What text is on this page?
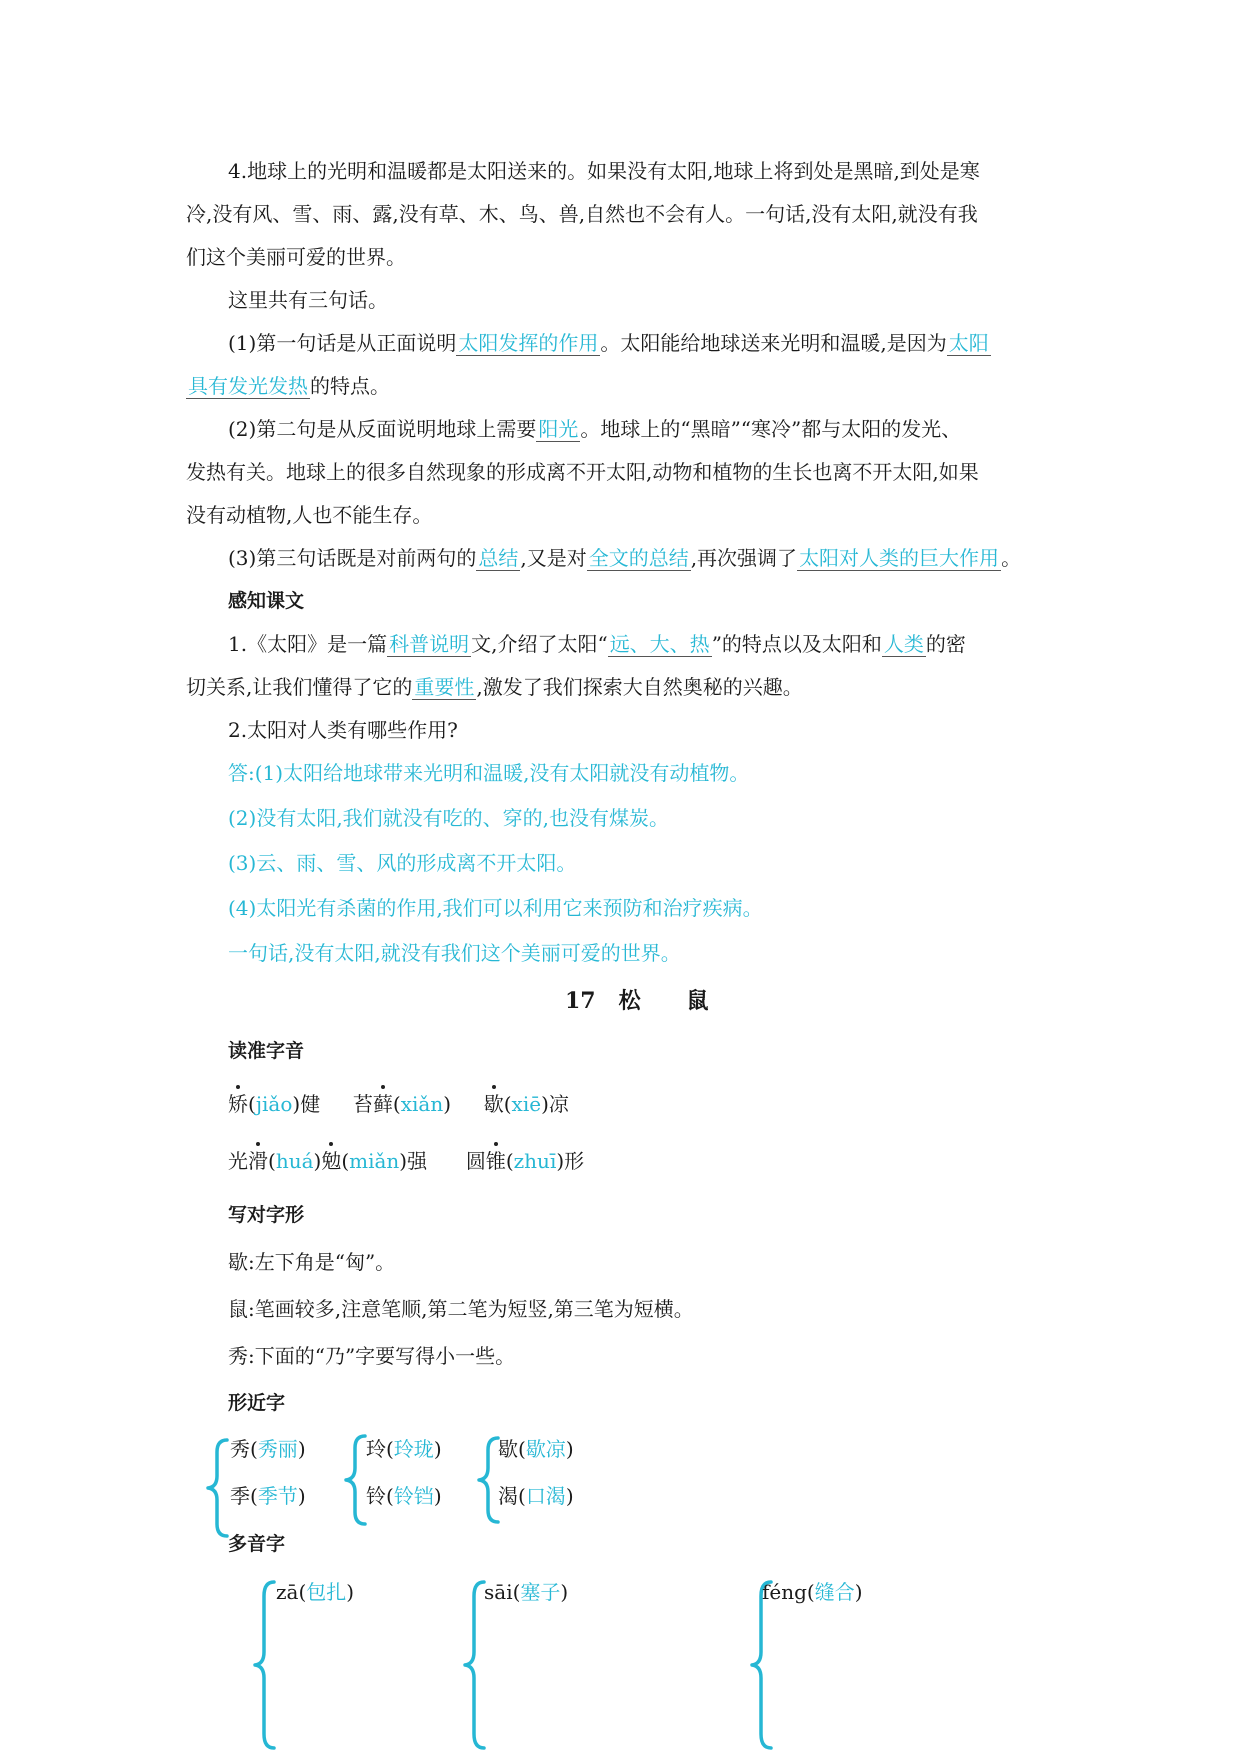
4.地球上的光明和温暖都是太阳送来的。如果没有太阳,地球上将到处是黑暗,到处是寒
冷,没有风、雪、雨、露,没有草、木、鸟、兽,自然也不会有人。一句话,没有太阳,就没有我
们这个美丽可爱的世界。
这里共有三句话。
(1)第一句话是从正面说明 太阳发挥的作用 。太阳能给地球送来光明和温暖,是因为 太阳
具有发光发热 的特点。
(2)第二句是从反面说明地球上需要 阳光 。地球上的“黑暗”“寒冷”都与太阳的发光、
发热有关。地球上的很多自然现象的形成离不开太阳,动物和植物的生长也离不开太阳,如果
没有动植物,人也不能生存。
(3)第三句话既是对前两句的 总结 ,又是对 全文的总结 ,再次强调了 太阳对人类的巨大作用 。
感知课文
1.《太阳》是一篇 科普说明 文,介绍了太阳“ 远、大、热 ”的特点以及太阳和 人类 的密
切关系,让我们懂得了它的 重要性 ,激发了我们探索大自然奥秘的兴趣。
2.太阳对人类有哪些作用?
答:(1)太阳给地球带来光明和温暖,没有太阳就没有动植物。
(2)没有太阳,我们就没有吃的、穿的,也没有煤炭。
(3)云、雨、雪、风的形成离不开太阳。
(4)太阳光有杀菌的作用,我们可以利用它来预防和治疗疾病。
一句话,没有太阳,就没有我们这个美丽可爱的世界。
17   松      鼠
读准字音
矫(jiǎo)健 苔藓(xiǎn) 歇(xiē)凉
光滑(huá)勉(miǎn)强 圆锥(zhuī)形
写对字形
歇:左下角是“匈”。
鼠:笔画较多,注意笔顺,第二笔为短竖,第三笔为短横。
秀:下面的“乃”字要写得小一些。
形近字
秀(秀丽)
季(季节)
玲(玲珑)
铃(铃铛)
歇(歇凉)
渴(口渴)
多音字
zā(包扎)	sāi(塞子)	féng(缝合)
